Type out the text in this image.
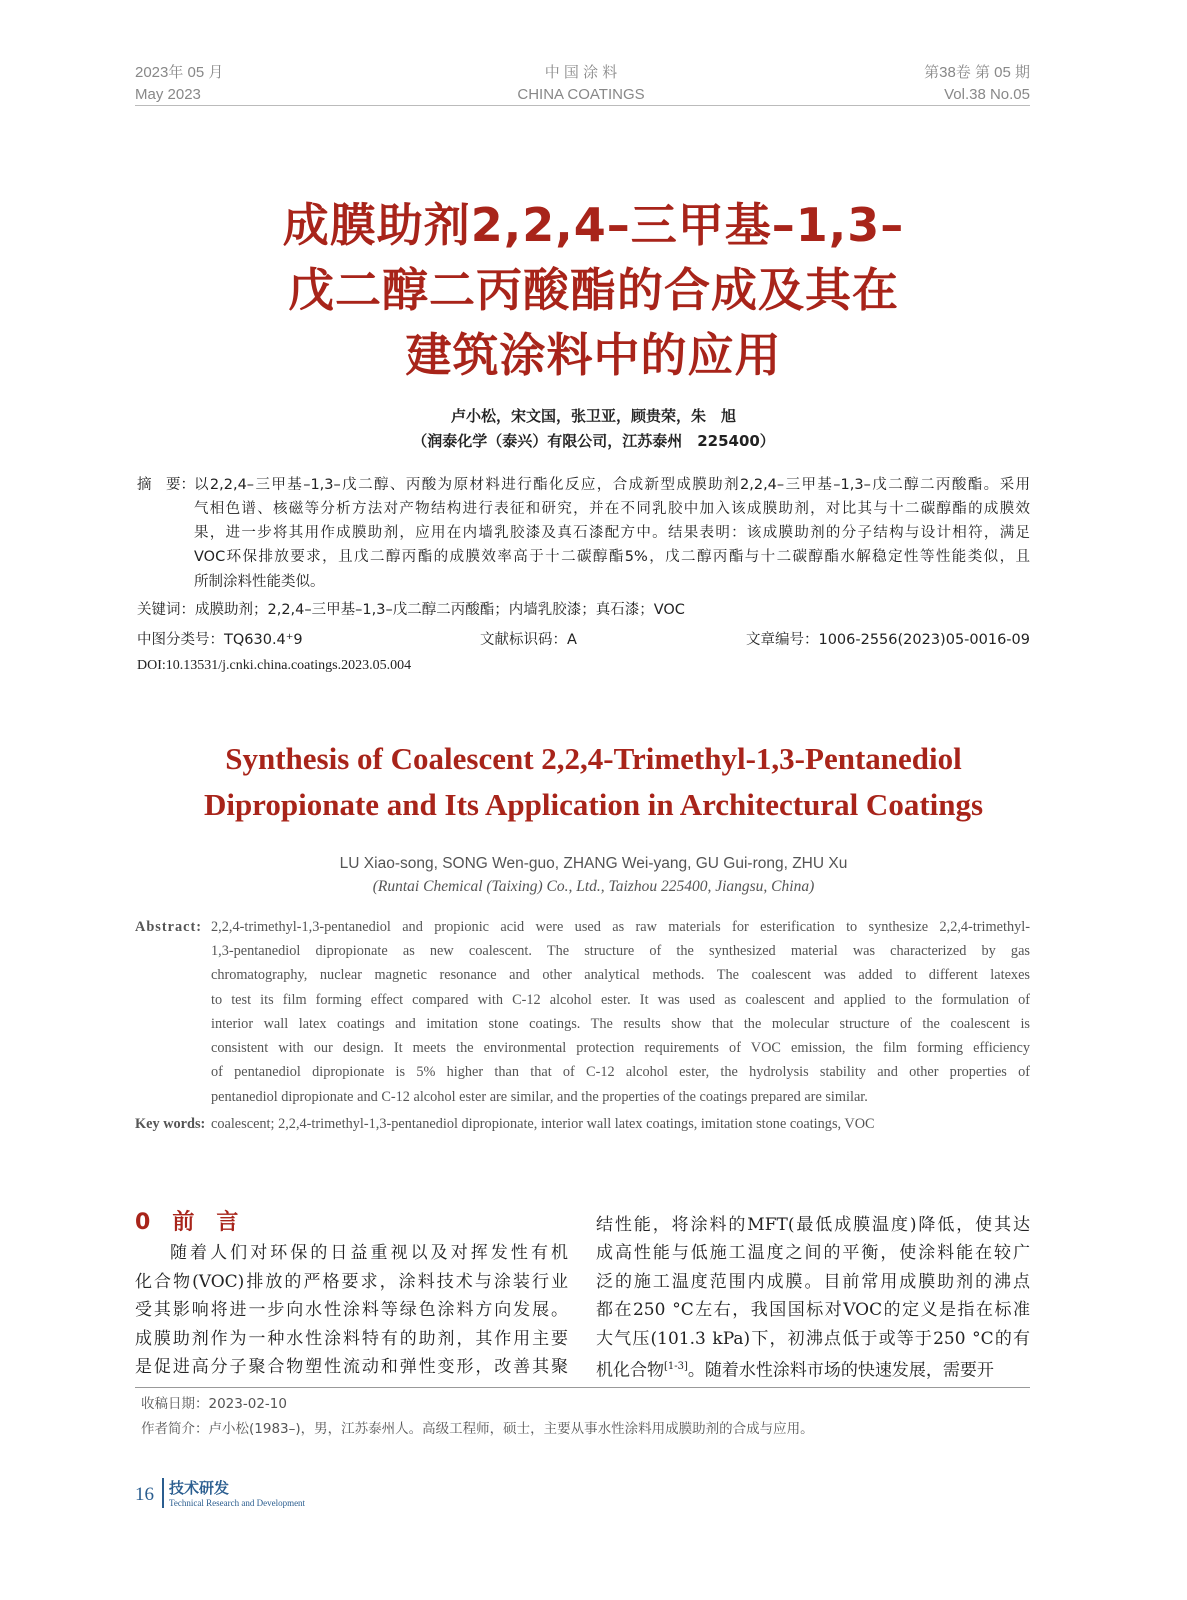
2023年 05 月
May 2023
中 国 涂 料
CHINA COATINGS
第38卷 第 05 期
Vol.38 No.05
成膜助剂2,2,4–三甲基–1,3–
戊二醇二丙酸酯的合成及其在
建筑涂料中的应用
卢小松，宋文国，张卫亚，顾贵荣，朱　旭
（润泰化学（泰兴）有限公司，江苏泰州　225400）
摘　要： 以2,2,4–三甲基–1,3–戊二醇、丙酸为原材料进行酯化反应，合成新型成膜助剂2,2,4–三甲基–1,3–戊二醇二丙酸酯。采用
气相色谱、核磁等分析方法对产物结构进行表征和研究，并在不同乳胶中加入该成膜助剂，对比其与十二碳醇酯的成膜效
果，进一步将其用作成膜助剂，应用在内墙乳胶漆及真石漆配方中。结果表明：该成膜助剂的分子结构与设计相符，满足
VOC环保排放要求，且戊二醇丙酯的成膜效率高于十二碳醇酯5%，戊二醇丙酯与十二碳醇酯水解稳定性等性能类似，且
所制涂料性能类似。
关键词：成膜助剂；2,2,4–三甲基–1,3–戊二醇二丙酸酯；内墙乳胶漆；真石漆；VOC
中图分类号：TQ630.4⁺9	文献标识码：A	文章编号：1006-2556(2023)05-0016-09
DOI:10.13531/j.cnki.china.coatings.2023.05.004
Synthesis of Coalescent 2,2,4-Trimethyl-1,3-Pentanediol
Dipropionate and Its Application in Architectural Coatings
LU Xiao-song, SONG Wen-guo, ZHANG Wei-yang, GU Gui-rong, ZHU Xu
(Runtai Chemical (Taixing) Co., Ltd., Taizhou 225400, Jiangsu, China)
Abstract: 2,2,4-trimethyl-1,3-pentanediol and propionic acid were used as raw materials for esterification to synthesize 2,2,4-trimethyl-
1,3-pentanediol dipropionate as new coalescent. The structure of the synthesized material was characterized by gas
chromatography, nuclear magnetic resonance and other analytical methods. The coalescent was added to different latexes
to test its film forming effect compared with C-12 alcohol ester. It was used as coalescent and applied to the formulation of
interior wall latex coatings and imitation stone coatings. The results show that the molecular structure of the coalescent is
consistent with our design. It meets the environmental protection requirements of VOC emission, the film forming efficiency
of pentanediol dipropionate is 5% higher than that of C-12 alcohol ester, the hydrolysis stability and other properties of
pentanediol dipropionate and C-12 alcohol ester are similar, and the properties of the coatings prepared are similar.
Key words: coalescent; 2,2,4-trimethyl-1,3-pentanediol dipropionate, interior wall latex coatings, imitation stone coatings, VOC
0 前　言
随着人们对环保的日益重视以及对挥发性有机
化合物(VOC)排放的严格要求，涂料技术与涂装行业
受其影响将进一步向水性涂料等绿色涂料方向发展。
成膜助剂作为一种水性涂料特有的助剂，其作用主要
是促进高分子聚合物塑性流动和弹性变形，改善其聚
结性能，将涂料的MFT(最低成膜温度)降低，使其达
成高性能与低施工温度之间的平衡，使涂料能在较广
泛的施工温度范围内成膜。目前常用成膜助剂的沸点
都在250 °C左右，我国国标对VOC的定义是指在标准
大气压(101.3 kPa)下，初沸点低于或等于250 °C的有
机化合物[1-3]。随着水性涂料市场的快速发展，需要开
收稿日期：2023-02-10
作者简介：卢小松(1983–)，男，江苏泰州人。高级工程师，硕士，主要从事水性涂料用成膜助剂的合成与应用。
16 技术研发
Technical Research and Development
